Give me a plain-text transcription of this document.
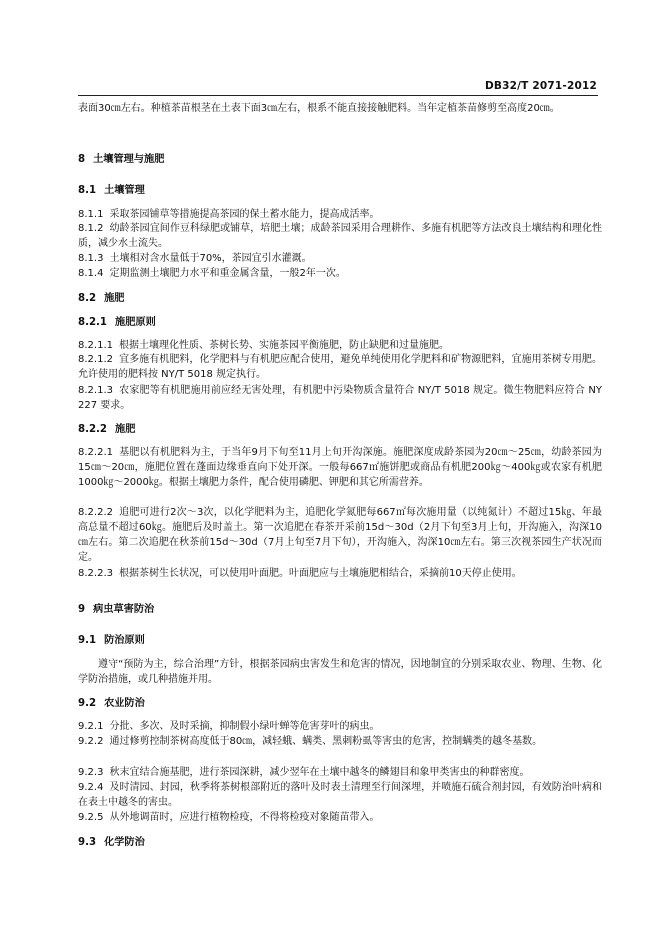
DB32/T 2071-2012

表面30㎝左右。种植茶苗根茎在土表下面3㎝左右，根系不能直接接触肥料。当年定植茶苗修剪至高度20㎝。

8 土壤管理与施肥

8.1 土壤管理

8.1.1 采取茶园铺草等措施提高茶园的保土蓄水能力，提高成活率。

8.1.2 幼龄茶园宜间作豆科绿肥或铺草，培肥土壤；成龄茶园采用合理耕作、多施有机肥等方法改良土壤结构和理化性质，减少水土流失。

8.1.3 土壤相对含水量低于70%，茶园宜引水灌溉。

8.1.4 定期监测土壤肥力水平和重金属含量，一般2年一次。

8.2 施肥

8.2.1 施肥原则

8.2.1.1 根据土壤理化性质、茶树长势、实施茶园平衡施肥，防止缺肥和过量施肥。

8.2.1.2 宜多施有机肥料，化学肥料与有机肥应配合使用，避免单纯使用化学肥料和矿物源肥料，宜施用茶树专用肥。允许使用的肥料按 NY/T 5018 规定执行。

8.2.1.3 农家肥等有机肥施用前应经无害处理，有机肥中污染物质含量符合 NY/T 5018 规定。微生物肥料应符合 NY 227 要求。

8.2.2 施肥

8.2.2.1 基肥以有机肥料为主，于当年9月下旬至11月上旬开沟深施。施肥深度成龄茶园为20㎝～25㎝，幼龄茶园为15㎝～20㎝，施肥位置在蓬面边缘垂直向下处开深。一般每667㎡施饼肥或商品有机肥200㎏～400㎏或农家有机肥1000㎏～2000㎏。根据土壤肥力条件，配合使用磷肥、钾肥和其它所需营养。

8.2.2.2 追肥可进行2次～3次，以化学肥料为主，追肥化学氮肥每667㎡每次施用量（以纯氮计）不超过15㎏、年最高总量不超过60㎏。施肥后及时盖土。第一次追肥在春茶开采前15d～30d（2月下旬至3月上旬，开沟施入，沟深10㎝左右。第二次追肥在秋茶前15d～30d（7月上旬至7月下旬），开沟施入，沟深10㎝左右。第三次视茶园生产状况而定。

8.2.2.3 根据茶树生长状况，可以使用叶面肥。叶面肥应与土壤施肥相结合，采摘前10天停止使用。

9 病虫草害防治

9.1 防治原则

遵守“预防为主，综合治理”方针，根据茶园病虫害发生和危害的情况，因地制宜的分别采取农业、物理、生物、化学防治措施，或几种措施并用。

9.2 农业防治

9.2.1 分批、多次、及时采摘，抑制假小绿叶蝉等危害芽叶的病虫。

9.2.2 通过修剪控制茶树高度低于80㎝，减轻蛾、螨类、黑刺粉虱等害虫的危害，控制螨类的越冬基数。

9.2.3 秋末宜结合施基肥，进行茶园深耕，减少翌年在土壤中越冬的鳞翅目和象甲类害虫的种群密度。

9.2.4 及时清园、封园，秋季将茶树根部附近的落叶及时表土清理至行间深埋，并喷施石硫合剂封园，有效防治叶病和在表土中越冬的害虫。

9.2.5 从外地调苗时，应进行植物检疫，不得将检疫对象随苗带入。

9.3 化学防治
